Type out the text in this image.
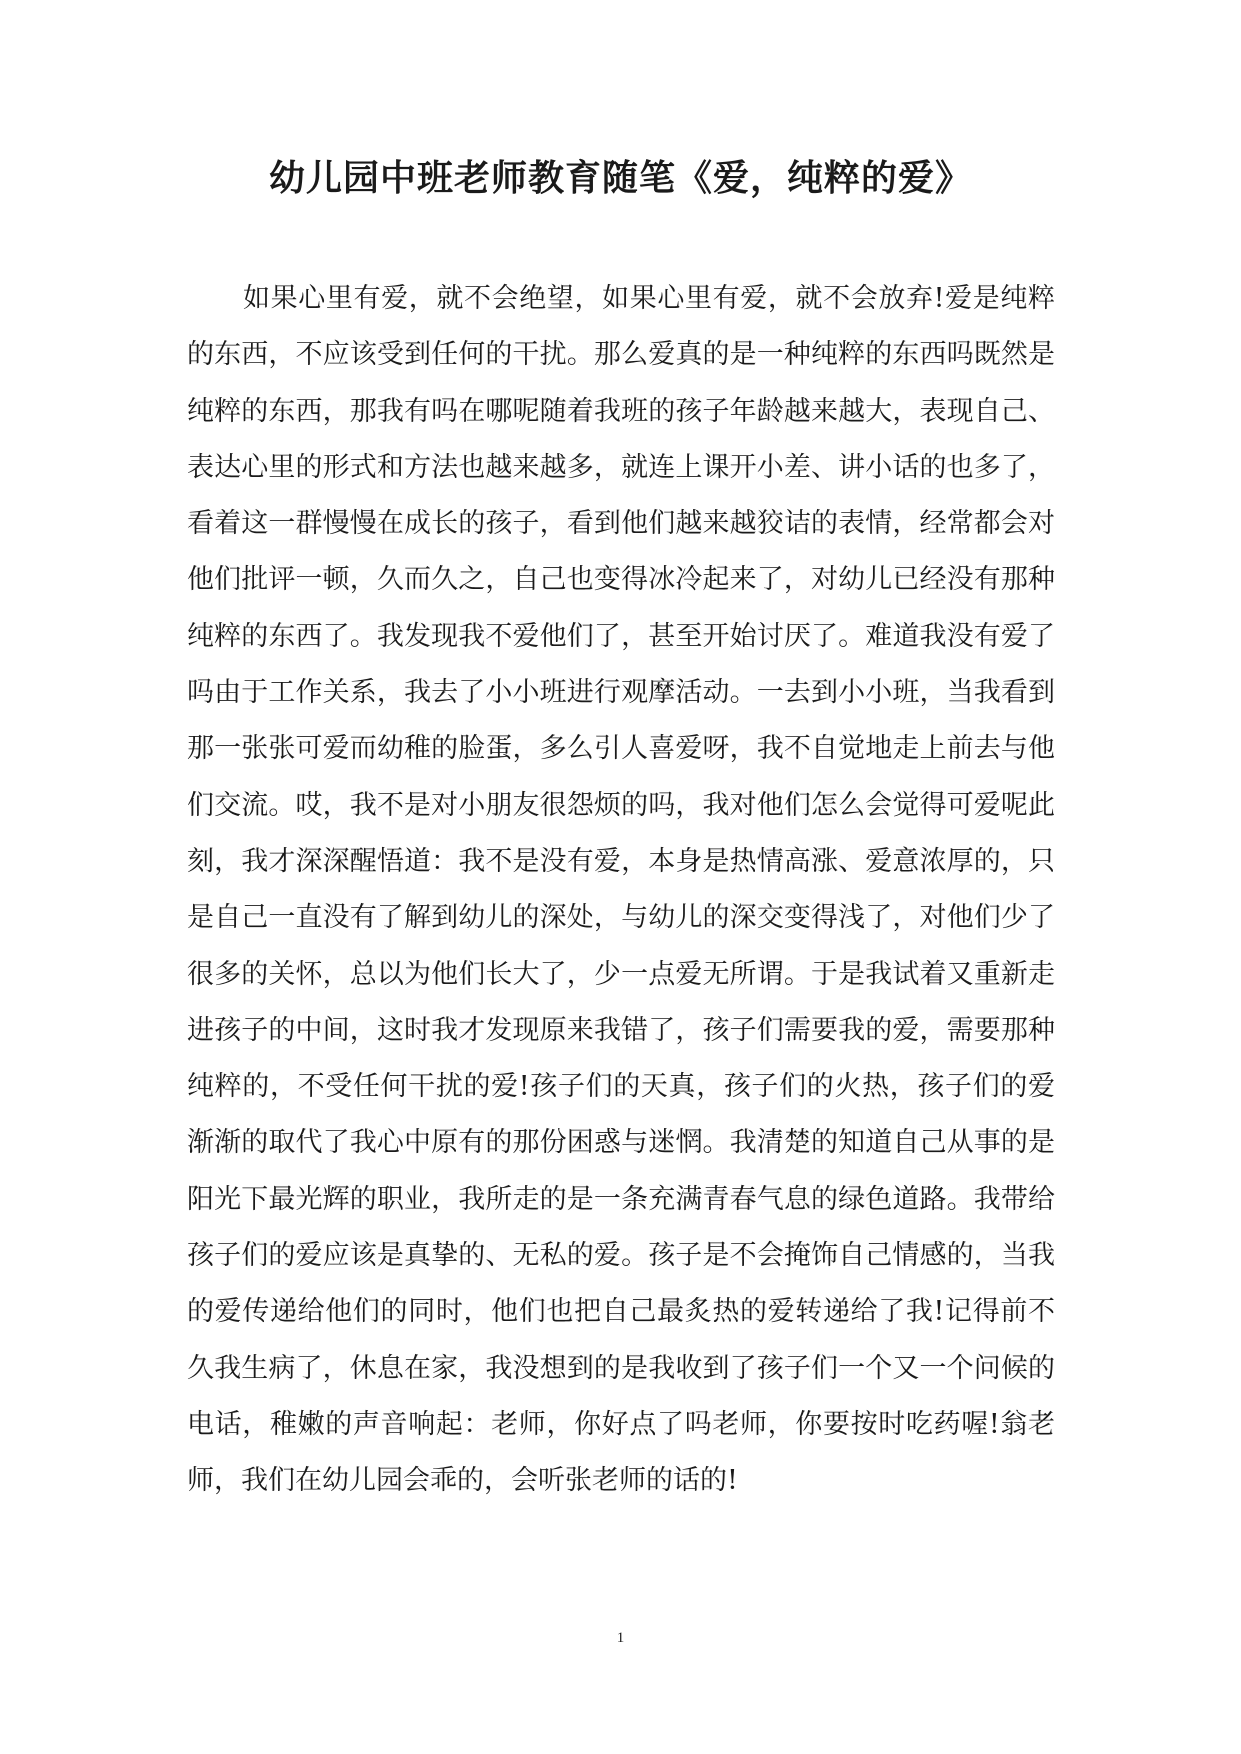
幼儿园中班老师教育随笔《爱，纯粹的爱》

如果心里有爱，就不会绝望，如果心里有爱，就不会放弃!爱是纯粹的东西，不应该受到任何的干扰。那么爱真的是一种纯粹的东西吗既然是纯粹的东西，那我有吗在哪呢随着我班的孩子年龄越来越大，表现自己、表达心里的形式和方法也越来越多，就连上课开小差、讲小话的也多了，看着这一群慢慢在成长的孩子，看到他们越来越狡诘的表情，经常都会对他们批评一顿，久而久之，自己也变得冰冷起来了，对幼儿已经没有那种纯粹的东西了。我发现我不爱他们了，甚至开始讨厌了。难道我没有爱了吗由于工作关系，我去了小小班进行观摩活动。一去到小小班，当我看到那一张张可爱而幼稚的脸蛋，多么引人喜爱呀，我不自觉地走上前去与他们交流。哎，我不是对小朋友很怨烦的吗，我对他们怎么会觉得可爱呢此刻，我才深深醒悟道：我不是没有爱，本身是热情高涨、爱意浓厚的，只是自己一直没有了解到幼儿的深处，与幼儿的深交变得浅了，对他们少了很多的关怀，总以为他们长大了，少一点爱无所谓。于是我试着又重新走进孩子的中间，这时我才发现原来我错了，孩子们需要我的爱，需要那种纯粹的，不受任何干扰的爱!孩子们的天真，孩子们的火热，孩子们的爱渐渐的取代了我心中原有的那份困惑与迷惘。我清楚的知道自己从事的是阳光下最光辉的职业，我所走的是一条充满青春气息的绿色道路。我带给孩子们的爱应该是真挚的、无私的爱。孩子是不会掩饰自己情感的，当我的爱传递给他们的同时，他们也把自己最炙热的爱转递给了我!记得前不久我生病了，休息在家，我没想到的是我收到了孩子们一个又一个问候的电话，稚嫩的声音响起：老师，你好点了吗老师，你要按时吃药喔!翁老师，我们在幼儿园会乖的，会听张老师的话的!

1
